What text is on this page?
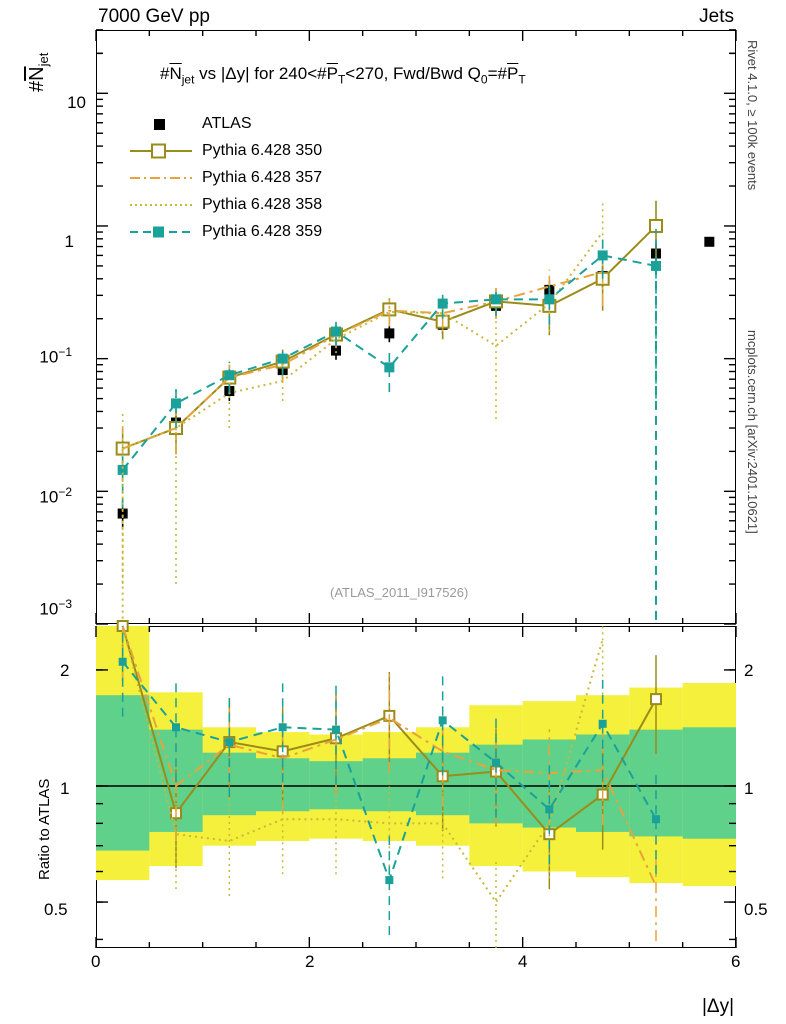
7000 GeV pp	Jets
$\#\overline{N}_{jet}$	Rivet 4.1.0, ≥ 100k events
mcplots.cern.ch [arXiv:2401.10621]
$\#\overline{N}_{jet}$ vs |Δy| for $240<\#\overline{P}_T<270$, Fwd/Bwd $Q_0=\#\overline{P}_T$
(ATLAS_2011_I917526)
Ratio to ATLAS
|Δy|
ATLAS
Pythia 6.428 350
Pythia 6.428 357
Pythia 6.428 358
Pythia 6.428 359
10
1
$10^{-1}$
$10^{-2}$
$10^{-3}$
2
1
0.5
2
1
0.5
0	2	4	6
